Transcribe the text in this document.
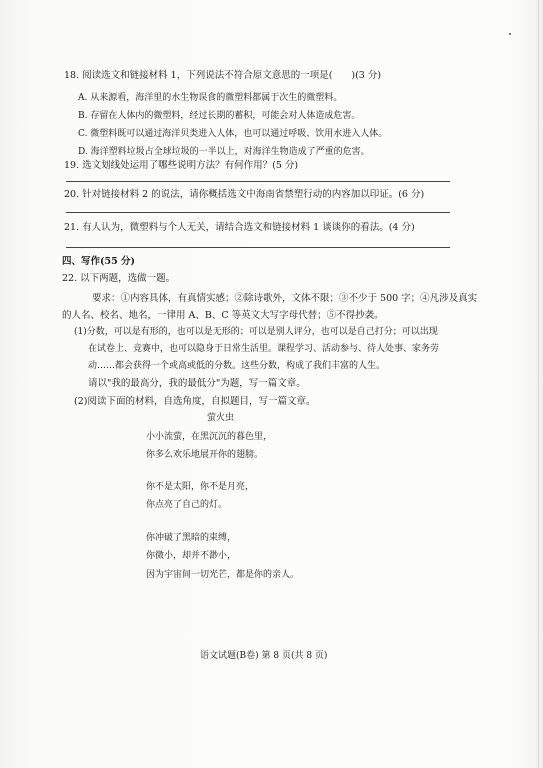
18. 阅读选文和链接材料 1，下列说法不符合原文意思的一项是(　　)(3 分)
A. 从来源看，海洋里的水生物误食的微塑料都属于次生的微塑料。
B. 存留在人体内的微塑料，经过长期的蓄积，可能会对人体造成危害。
C. 微塑料既可以通过海洋贝类进入人体，也可以通过呼吸、饮用水进入人体。
D. 海洋塑料垃圾占全球垃圾的一半以上，对海洋生物造成了严重的危害。
19. 选文划线处运用了哪些说明方法？有何作用？(5 分)
20. 针对链接材料 2 的说法，请你概括选文中海南省禁塑行动的内容加以印证。(6 分)
21. 有人认为，微塑料与个人无关，请结合选文和链接材料 1 谈谈你的看法。(4 分)
四、写作(55 分)
22. 以下两题，选做一题。
要求：①内容具体，有真情实感；②除诗歌外，文体不限；③不少于 500 字；④凡涉及真实
的人名、校名、地名，一律用 A、B、C 等英文大写字母代替；⑤不得抄袭。
(1)分数，可以是有形的，也可以是无形的；可以是别人评分，也可以是自己打分；可以出现
在试卷上、竞赛中，也可以隐身于日常生活里。课程学习、活动参与、待人处事、家务劳
动……都会获得一个或高或低的分数。这些分数，构成了我们丰富的人生。
请以"我的最高分，我的最低分"为题，写一篇文章。
(2)阅读下面的材料，自选角度，自拟题目，写一篇文章。
萤火虫
小小流萤，在黑沉沉的暮色里，
你多么欢乐地展开你的翅膀。
你不是太阳，你不是月亮，
你点亮了自己的灯。
你冲破了黑暗的束缚，
你微小，却并不渺小，
因为宇宙间一切光芒，都是你的亲人。
语文试题(B卷) 第 8 页(共 8 页)
